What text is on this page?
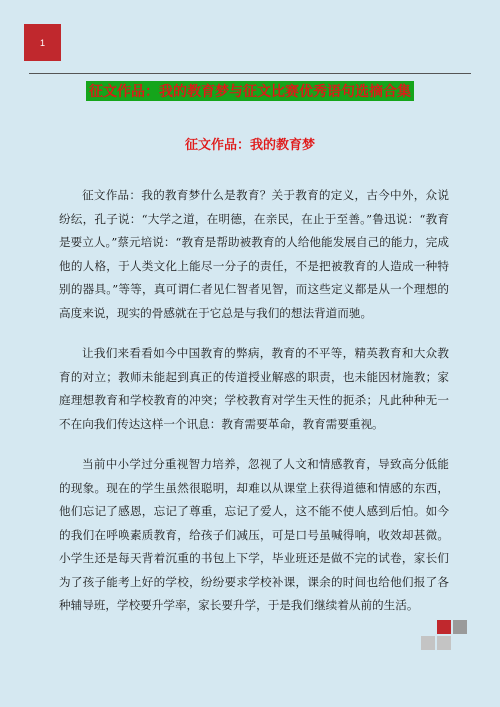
1
征文作品：我的教育梦与征文比赛优秀语句选摘合集
征文作品：我的教育梦

征文作品：我的教育梦什么是教育？关于教育的定义，古今中外，众说纷纭，孔子说：“大学之道，在明德，在亲民，在止于至善。”鲁迅说：“教育是要立人。”蔡元培说：“教育是帮助被教育的人给他能发展自己的能力，完成他的人格，于人类文化上能尽一分子的责任，不是把被教育的人造成一种特别的器具。”等等，真可谓仁者见仁智者见智，而这些定义都是从一个理想的高度来说，现实的骨感就在于它总是与我们的想法背道而驰。

让我们来看看如今中国教育的弊病，教育的不平等，精英教育和大众教育的对立；教师未能起到真正的传道授业解惑的职责，也未能因材施教；家庭理想教育和学校教育的冲突；学校教育对学生天性的扼杀；凡此种种无一不在向我们传达这样一个讯息：教育需要革命，教育需要重视。

当前中小学过分重视智力培养，忽视了人文和情感教育，导致高分低能的现象。现在的学生虽然很聪明，却难以从课堂上获得道德和情感的东西，他们忘记了感恩，忘记了尊重，忘记了爱人，这不能不使人感到后怕。如今的我们在呼唤素质教育，给孩子们减压，可是口号虽喊得响，收效却甚微。小学生还是每天背着沉重的书包上下学，毕业班还是做不完的试卷，家长们为了孩子能考上好的学校，纷纷要求学校补课，课余的时间也给他们报了各种辅导班，学校要升学率，家长要升学，于是我们继续着从前的生活。
